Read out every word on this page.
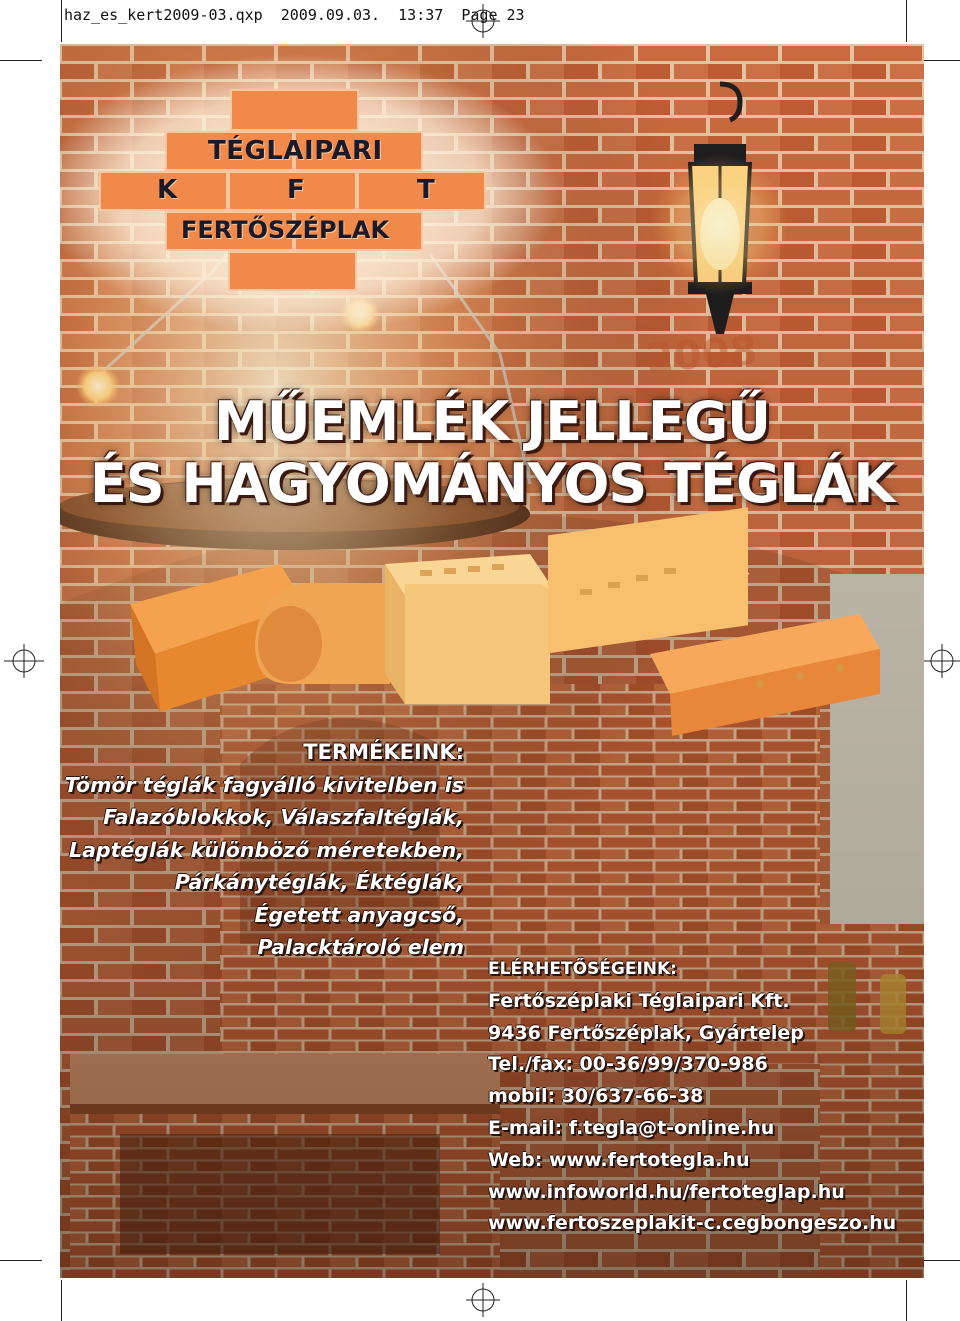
haz_es_kert2009-03.qxp  2009.09.03.  13:37  Page 23
2008
TÉGLAIPARI
K	F	T
FERTŐSZÉPLAK
MŰEMLÉK JELLEGŰ
ÉS HAGYOMÁNYOS TÉGLÁK
TERMÉKEINK:
Tömör téglák fagyálló kivitelben is
Falazóblokkok, Válaszfaltéglák,
Laptéglák különböző méretekben,
Párkánytéglák, Éktéglák,
Égetett anyagcső,
Palacktároló elem
ELÉRHETŐSÉGEINK:
Fertőszéplaki Téglaipari Kft.
9436 Fertőszéplak, Gyártelep
Tel./fax: 00-36/99/370-986
mobil: 30/637-66-38
E-mail: f.tegla@t-online.hu
Web: www.fertotegla.hu
www.infoworld.hu/fertoteglap.hu
www.fertoszeplakit-c.cegbongeszo.hu
